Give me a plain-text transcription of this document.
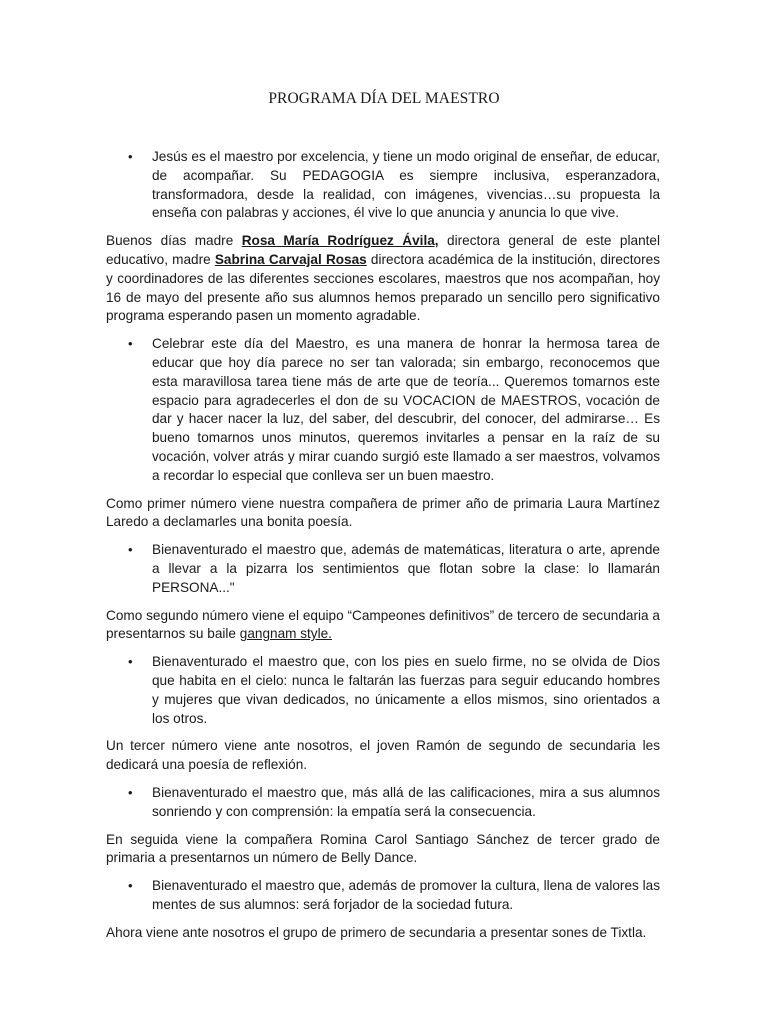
PROGRAMA DÍA DEL MAESTRO
• Jesús es el maestro por excelencia, y tiene un modo original de enseñar, de educar, de acompañar. Su PEDAGOGIA es siempre inclusiva, esperanzadora, transformadora, desde la realidad, con imágenes, vivencias…su propuesta la enseña con palabras y acciones, él vive lo que anuncia y anuncia lo que vive.

Buenos días madre Rosa María Rodríguez Ávila, directora general de este plantel educativo, madre Sabrina Carvajal Rosas directora académica de la institución, directores y coordinadores de las diferentes secciones escolares, maestros que nos acompañan, hoy 16 de mayo del presente año sus alumnos hemos preparado un sencillo pero significativo programa esperando pasen un momento agradable.

• Celebrar este día del Maestro, es una manera de honrar la hermosa tarea de educar que hoy día parece no ser tan valorada; sin embargo, reconocemos que esta maravillosa tarea tiene más de arte que de teoría... Queremos tomarnos este espacio para agradecerles el don de su VOCACION de MAESTROS, vocación de dar y hacer nacer la luz, del saber, del descubrir, del conocer, del admirarse… Es bueno tomarnos unos minutos, queremos invitarles a pensar en la raíz de su vocación, volver atrás y mirar cuando surgió este llamado a ser maestros, volvamos a recordar lo especial que conlleva ser un buen maestro.

Como primer número viene nuestra compañera de primer año de primaria Laura Martínez Laredo a declamarles una bonita poesía.

• Bienaventurado el maestro que, además de matemáticas, literatura o arte, aprende a llevar a la pizarra los sentimientos que flotan sobre la clase: lo llamarán PERSONA..."

Como segundo número viene el equipo “Campeones definitivos” de tercero de secundaria a presentarnos su baile gangnam style.

• Bienaventurado el maestro que, con los pies en suelo firme, no se olvida de Dios que habita en el cielo: nunca le faltarán las fuerzas para seguir educando hombres y mujeres que vivan dedicados, no únicamente a ellos mismos, sino orientados a los otros.

Un tercer número viene ante nosotros, el joven Ramón de segundo de secundaria les dedicará una poesía de reflexión.

• Bienaventurado el maestro que, más allá de las calificaciones, mira a sus alumnos sonriendo y con comprensión: la empatía será la consecuencia.

En seguida viene la compañera Romina Carol Santiago Sánchez de tercer grado de primaria a presentarnos un número de Belly Dance.

• Bienaventurado el maestro que, además de promover la cultura, llena de valores las mentes de sus alumnos: será forjador de la sociedad futura.

Ahora viene ante nosotros el grupo de primero de secundaria a presentar sones de Tixtla.
